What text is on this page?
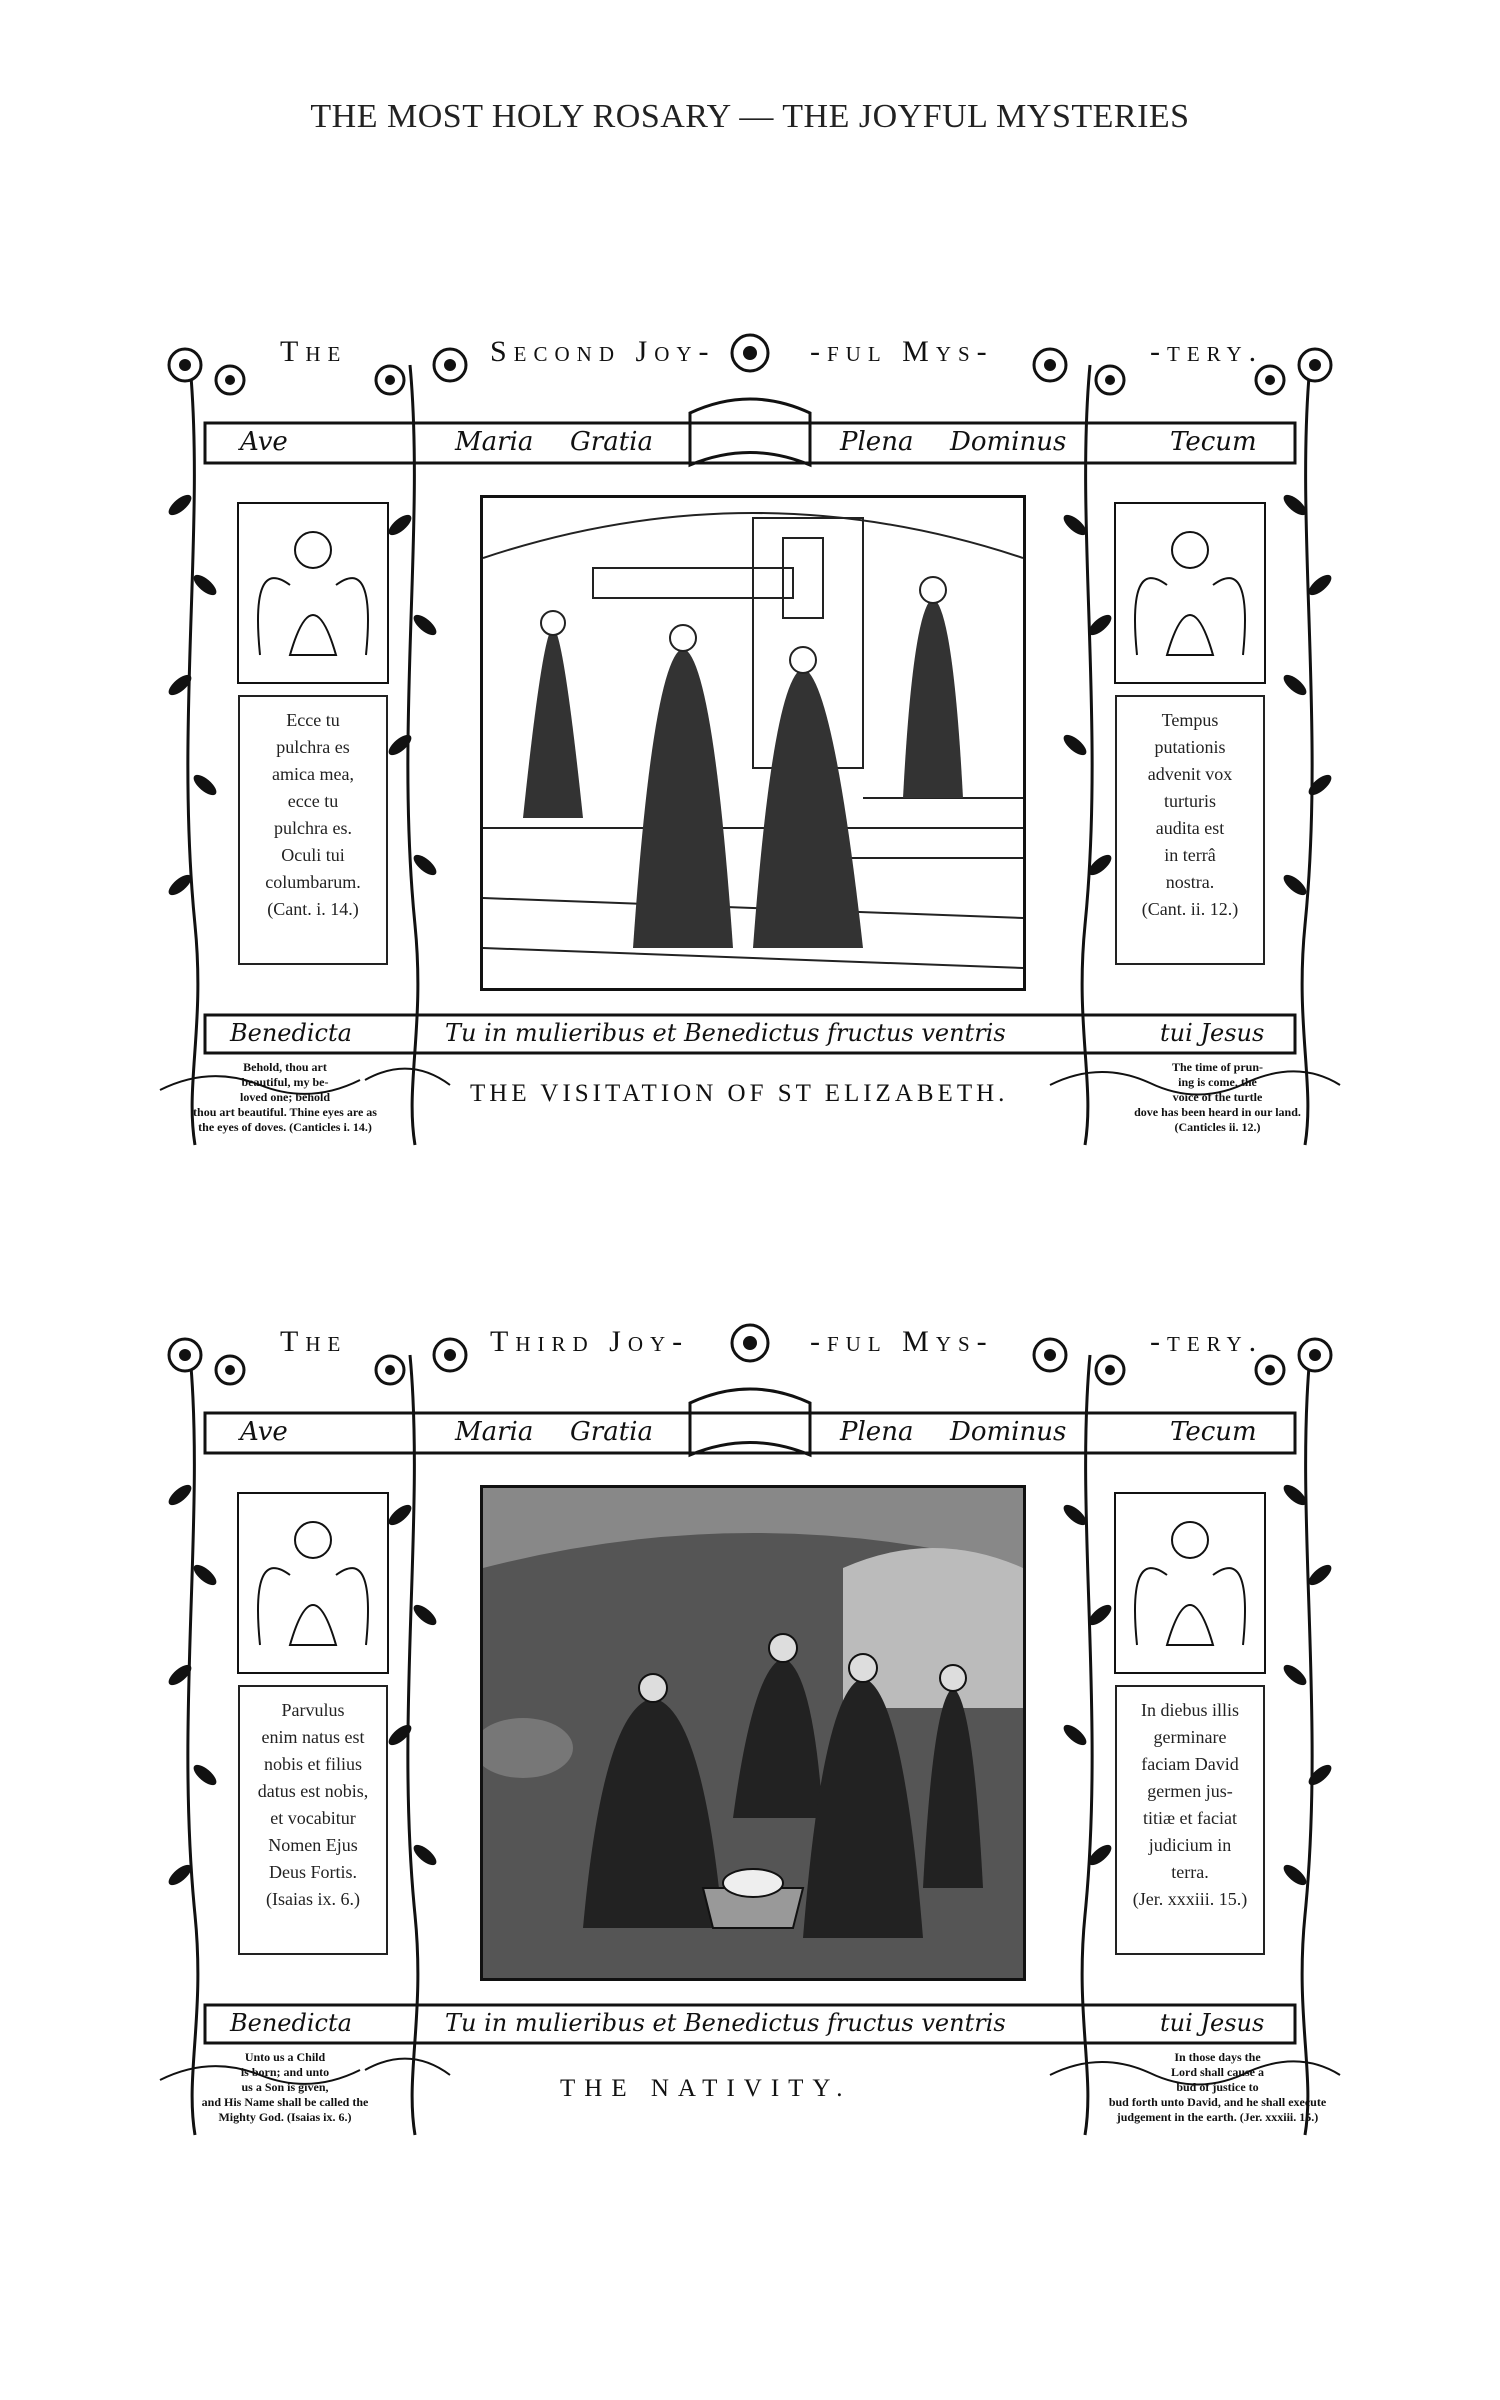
THE MOST HOLY ROSARY — THE JOYFUL MYSTERIES
The	Second Joy-	-ful Mys-	-tery.
Ave	Maria Gratia	Plena Dominus	Tecum
Ecce tu
pulchra es
amica mea,
ecce tu
pulchra es.
Oculi tui
columbarum.
(Cant. i. 14.)
Tempus
putationis
advenit vox
turturis
audita est
in terrâ
nostra.
(Cant. ii. 12.)
Benedicta	Tu in mulieribus et Benedictus fructus ventris	tui Jesus
THE VISITATION OF ST ELIZABETH.
Behold, thou art
beautiful, my be-
loved one; behold
thou art beautiful. Thine eyes are as
the eyes of doves. (Canticles i. 14.)
The time of prun-
ing is come, the
voice of the turtle
dove has been heard in our land.
(Canticles ii. 12.)
The	Third Joy-	-ful Mys-	-tery.
Ave	Maria Gratia	Plena Dominus	Tecum
Parvulus
enim natus est
nobis et filius
datus est nobis,
et vocabitur
Nomen Ejus
Deus Fortis.
(Isaias ix. 6.)
In diebus illis
germinare
faciam David
germen jus-
titiæ et faciat
judicium in
terra.
(Jer. xxxiii. 15.)
Benedicta	Tu in mulieribus et Benedictus fructus ventris	tui Jesus
THE NATIVITY.
Unto us a Child
is born; and unto
us a Son is given,
and His Name shall be called the
Mighty God. (Isaias ix. 6.)
In those days the
Lord shall cause a
bud of justice to
bud forth unto David, and he shall execute
judgement in the earth. (Jer. xxxiii. 15.)
